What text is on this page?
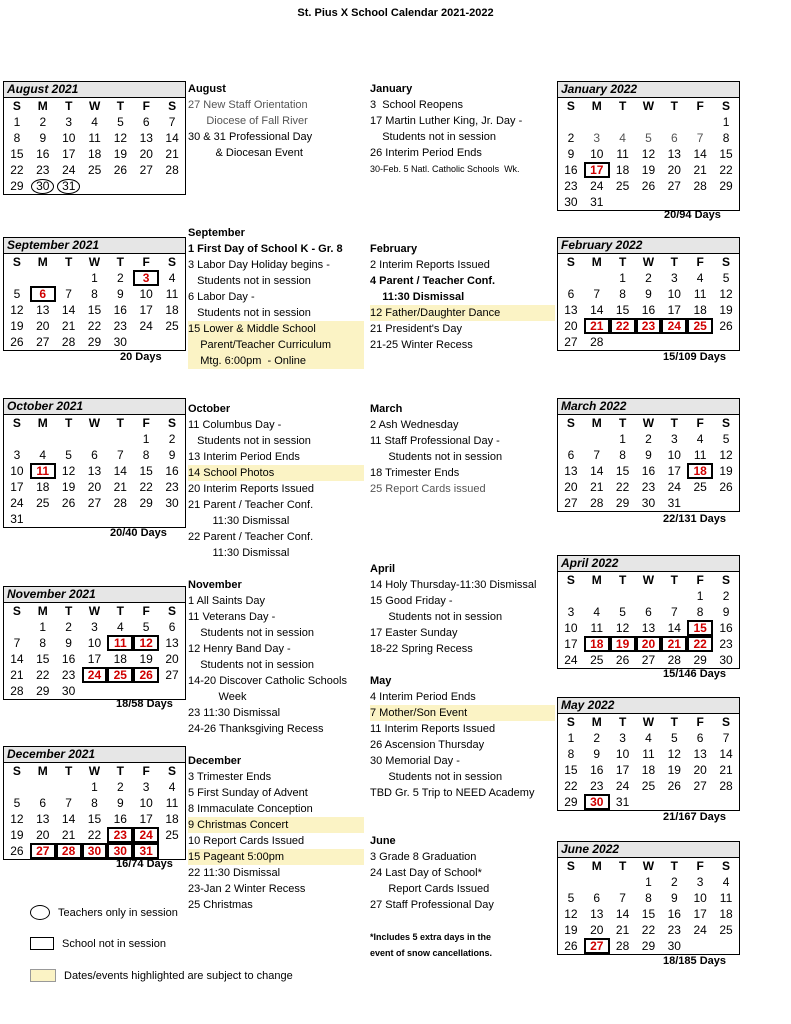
St. Pius X School Calendar 2021-2022
August 2021
S	M	T	W	T	F	S
1	2	3	4	5	6	7
8	9	10	11	12	13	14
15	16	17	18	19	20	21
22	23	24	25	26	27	28
29	30	31				
September 2021
S	M	T	W	T	F	S
			1	2	3	4
5	6	7	8	9	10	11
12	13	14	15	16	17	18
19	20	21	22	23	24	25
26	27	28	29	30		
October 2021
S	M	T	W	T	F	S
					1	2
3	4	5	6	7	8	9
10	11	12	13	14	15	16
17	18	19	20	21	22	23
24	25	26	27	28	29	30
31						
November 2021
S	M	T	W	T	F	S
	1	2	3	4	5	6
7	8	9	10	11	12	13
14	15	16	17	18	19	20
21	22	23	24	25	26	27
28	29	30				
December 2021
S	M	T	W	T	F	S
			1	2	3	4
5	6	7	8	9	10	11
12	13	14	15	16	17	18
19	20	21	22	23	24	25
26	27	28	30	30	31	
January 2022
S	M	T	W	T	F	S
						1
2	3	4	5	6	7	8
9	10	11	12	13	14	15
16	17	18	19	20	21	22
23	24	25	26	27	28	29
30	31					
February 2022
S	M	T	W	T	F	S
		1	2	3	4	5
6	7	8	9	10	11	12
13	14	15	16	17	18	19
20	21	22	23	24	25	26
27	28					
March 2022
S	M	T	W	T	F	S
		1	2	3	4	5
6	7	8	9	10	11	12
13	14	15	16	17	18	19
20	21	22	23	24	25	26
27	28	29	30	31		
April 2022
S	M	T	W	T	F	S
					1	2
3	4	5	6	7	8	9
10	11	12	13	14	15	16
17	18	19	20	21	22	23
24	25	26	27	28	29	30
May 2022
S	M	T	W	T	F	S
1	2	3	4	5	6	7
8	9	10	11	12	13	14
15	16	17	18	19	20	21
22	23	24	25	26	27	28
29	30	31				
June 2022
S	M	T	W	T	F	S
			1	2	3	4
5	6	7	8	9	10	11
12	13	14	15	16	17	18
19	20	21	22	23	24	25
26	27	28	29	30		
20 Days
20/40 Days
18/58 Days
16/74 Days
20/94 Days
15/109 Days
22/131 Days
15/146 Days
21/167 Days
18/185 Days
August
27 New Staff Orientation
Diocese of Fall River
30 & 31 Professional Day
& Diocesan Event
September
1 First Day of School K - Gr. 8
3 Labor Day Holiday begins -
Students not in session
6 Labor Day -
Students not in session
15 Lower & Middle School
Parent/Teacher Curriculum
Mtg. 6:00pm  - Online
October
11 Columbus Day -
Students not in session
13 Interim Period Ends
14 School Photos
20 Interim Reports Issued
21 Parent / Teacher Conf.
11:30 Dismissal
22 Parent / Teacher Conf.
11:30 Dismissal
November
1 All Saints Day
11 Veterans Day -
Students not in session
12 Henry Band Day -
Students not in session
14-20 Discover Catholic Schools
Week
23 11:30 Dismissal
24-26 Thanksgiving Recess
December
3 Trimester Ends
5 First Sunday of Advent
8 Immaculate Conception
9 Christmas Concert
10 Report Cards Issued
15 Pageant 5:00pm
22 11:30 Dismissal
23-Jan 2 Winter Recess
25 Christmas
January
3  School Reopens
17 Martin Luther King, Jr. Day -
Students not in session
26 Interim Period Ends
30-Feb. 5 Natl. Catholic Schools  Wk.
February
2 Interim Reports Issued
4 Parent / Teacher Conf.
11:30 Dismissal
12 Father/Daughter Dance
21 President's Day
21-25 Winter Recess
March
2 Ash Wednesday
11 Staff Professional Day -
Students not in session
18 Trimester Ends
25 Report Cards issued
April
14 Holy Thursday-11:30 Dismissal
15 Good Friday -
Students not in session
17 Easter Sunday
18-22 Spring Recess
May
4 Interim Period Ends
7 Mother/Son Event
11 Interim Reports Issued
26 Ascension Thursday
30 Memorial Day -
Students not in session
TBD Gr. 5 Trip to NEED Academy
June
3 Grade 8 Graduation
24 Last Day of School*
Report Cards Issued
27 Staff Professional Day
*Includes 5 extra days in the
event of snow cancellations.
Teachers only in session
School not in session
Dates/events highlighted are subject to change
